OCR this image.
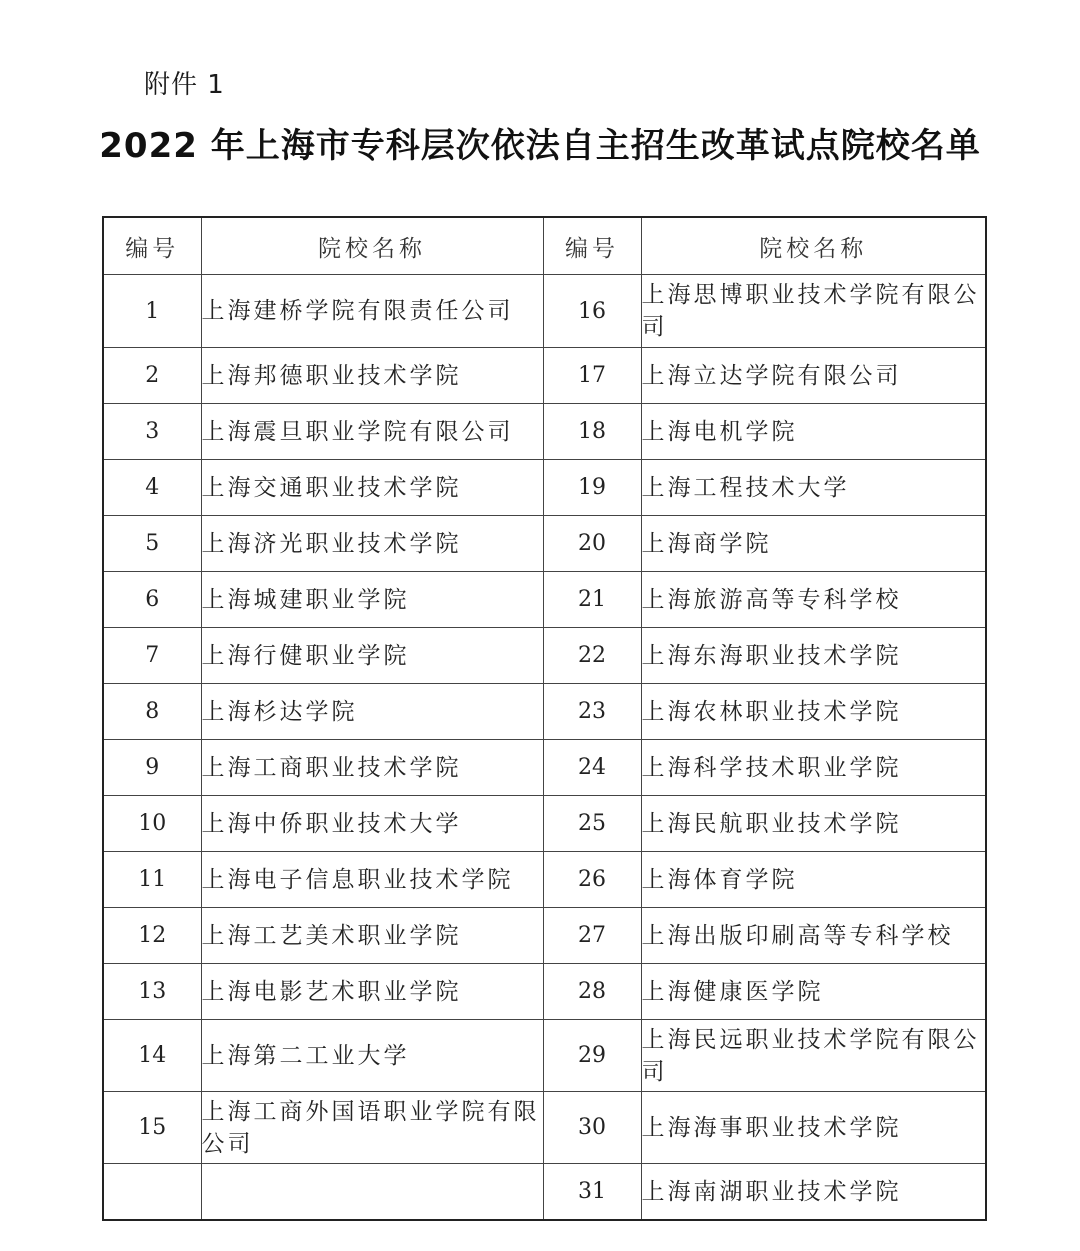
附件 1
2022 年上海市专科层次依法自主招生改革试点院校名单
编号	院校名称	编号	院校名称
1	上海建桥学院有限责任公司	16	上海思博职业技术学院有限公司
2	上海邦德职业技术学院	17	上海立达学院有限公司
3	上海震旦职业学院有限公司	18	上海电机学院
4	上海交通职业技术学院	19	上海工程技术大学
5	上海济光职业技术学院	20	上海商学院
6	上海城建职业学院	21	上海旅游高等专科学校
7	上海行健职业学院	22	上海东海职业技术学院
8	上海杉达学院	23	上海农林职业技术学院
9	上海工商职业技术学院	24	上海科学技术职业学院
10	上海中侨职业技术大学	25	上海民航职业技术学院
11	上海电子信息职业技术学院	26	上海体育学院
12	上海工艺美术职业学院	27	上海出版印刷高等专科学校
13	上海电影艺术职业学院	28	上海健康医学院
14	上海第二工业大学	29	上海民远职业技术学院有限公司
15	上海工商外国语职业学院有限公司	30	上海海事职业技术学院
		31	上海南湖职业技术学院
